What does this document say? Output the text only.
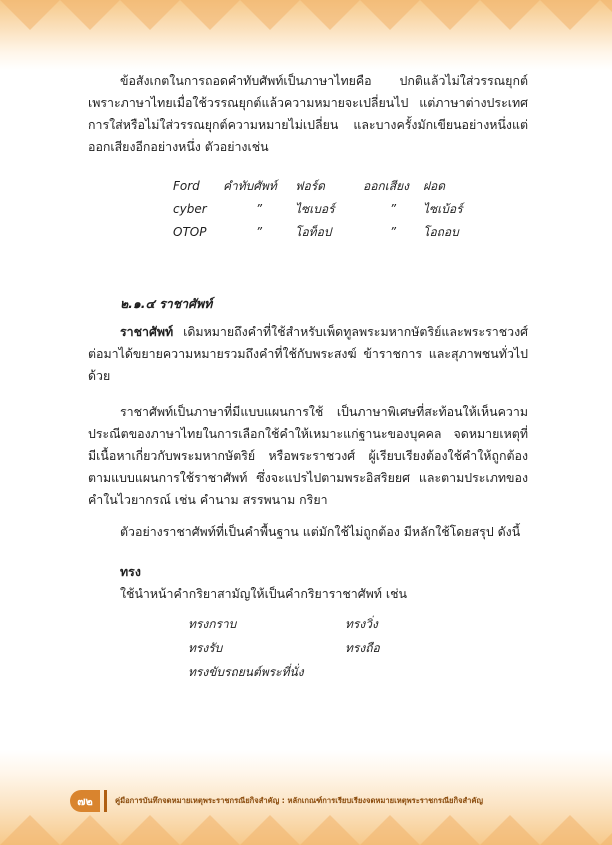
ข้อสังเกตในการถอดคำทับศัพท์เป็นภาษาไทยคือ ปกติแล้วไม่ใส่วรรณยุกต์ เพราะภาษาไทยเมื่อใช้วรรณยุกต์แล้วความหมายจะเปลี่ยนไป แต่ภาษาต่างประเทศการใส่หรือไม่ใส่วรรณยุกต์ความหมายไม่เปลี่ยน และบางครั้งมักเขียนอย่างหนึ่งแต่ออกเสียงอีกอย่างหนึ่ง ตัวอย่างเช่น

Ford	คำทับศัพท์	ฟอร์ด	ออกเสียง	ฝอด
cyber	”	ไซเบอร์	”	ไซเบ้อร์
OTOP	”	โอท็อป	”	โอถอบ

๒.๑.๔ ราชาศัพท์

ราชาศัพท์ เดิมหมายถึงคำที่ใช้สำหรับเพ็ดทูลพระมหากษัตริย์และพระราชวงศ์ ต่อมาได้ขยายความหมายรวมถึงคำที่ใช้กับพระสงฆ์ ข้าราชการ และสุภาพชนทั่วไปด้วย

ราชาศัพท์เป็นภาษาที่มีแบบแผนการใช้ เป็นภาษาพิเศษที่สะท้อนให้เห็นความประณีตของภาษาไทยในการเลือกใช้คำให้เหมาะแก่ฐานะของบุคคล จดหมายเหตุที่มีเนื้อหาเกี่ยวกับพระมหากษัตริย์ หรือพระราชวงศ์ ผู้เรียบเรียงต้องใช้คำให้ถูกต้องตามแบบแผนการใช้ราชาศัพท์ ซึ่งจะแปรไปตามพระอิสริยยศ และตามประเภทของคำในไวยากรณ์ เช่น คำนาม สรรพนาม กริยา

ตัวอย่างราชาศัพท์ที่เป็นคำพื้นฐาน แต่มักใช้ไม่ถูกต้อง มีหลักใช้โดยสรุป ดังนี้

ทรง

ใช้นำหน้าคำกริยาสามัญให้เป็นคำกริยาราชาศัพท์ เช่น

ทรงกราบ	ทรงวิ่ง
ทรงรับ	ทรงถือ
ทรงขับรถยนต์พระที่นั่ง	
๗๒	คู่มือการบันทึกจดหมายเหตุพระราชกรณียกิจสำคัญ : หลักเกณฑ์การเรียบเรียงจดหมายเหตุพระราชกรณียกิจสำคัญ
